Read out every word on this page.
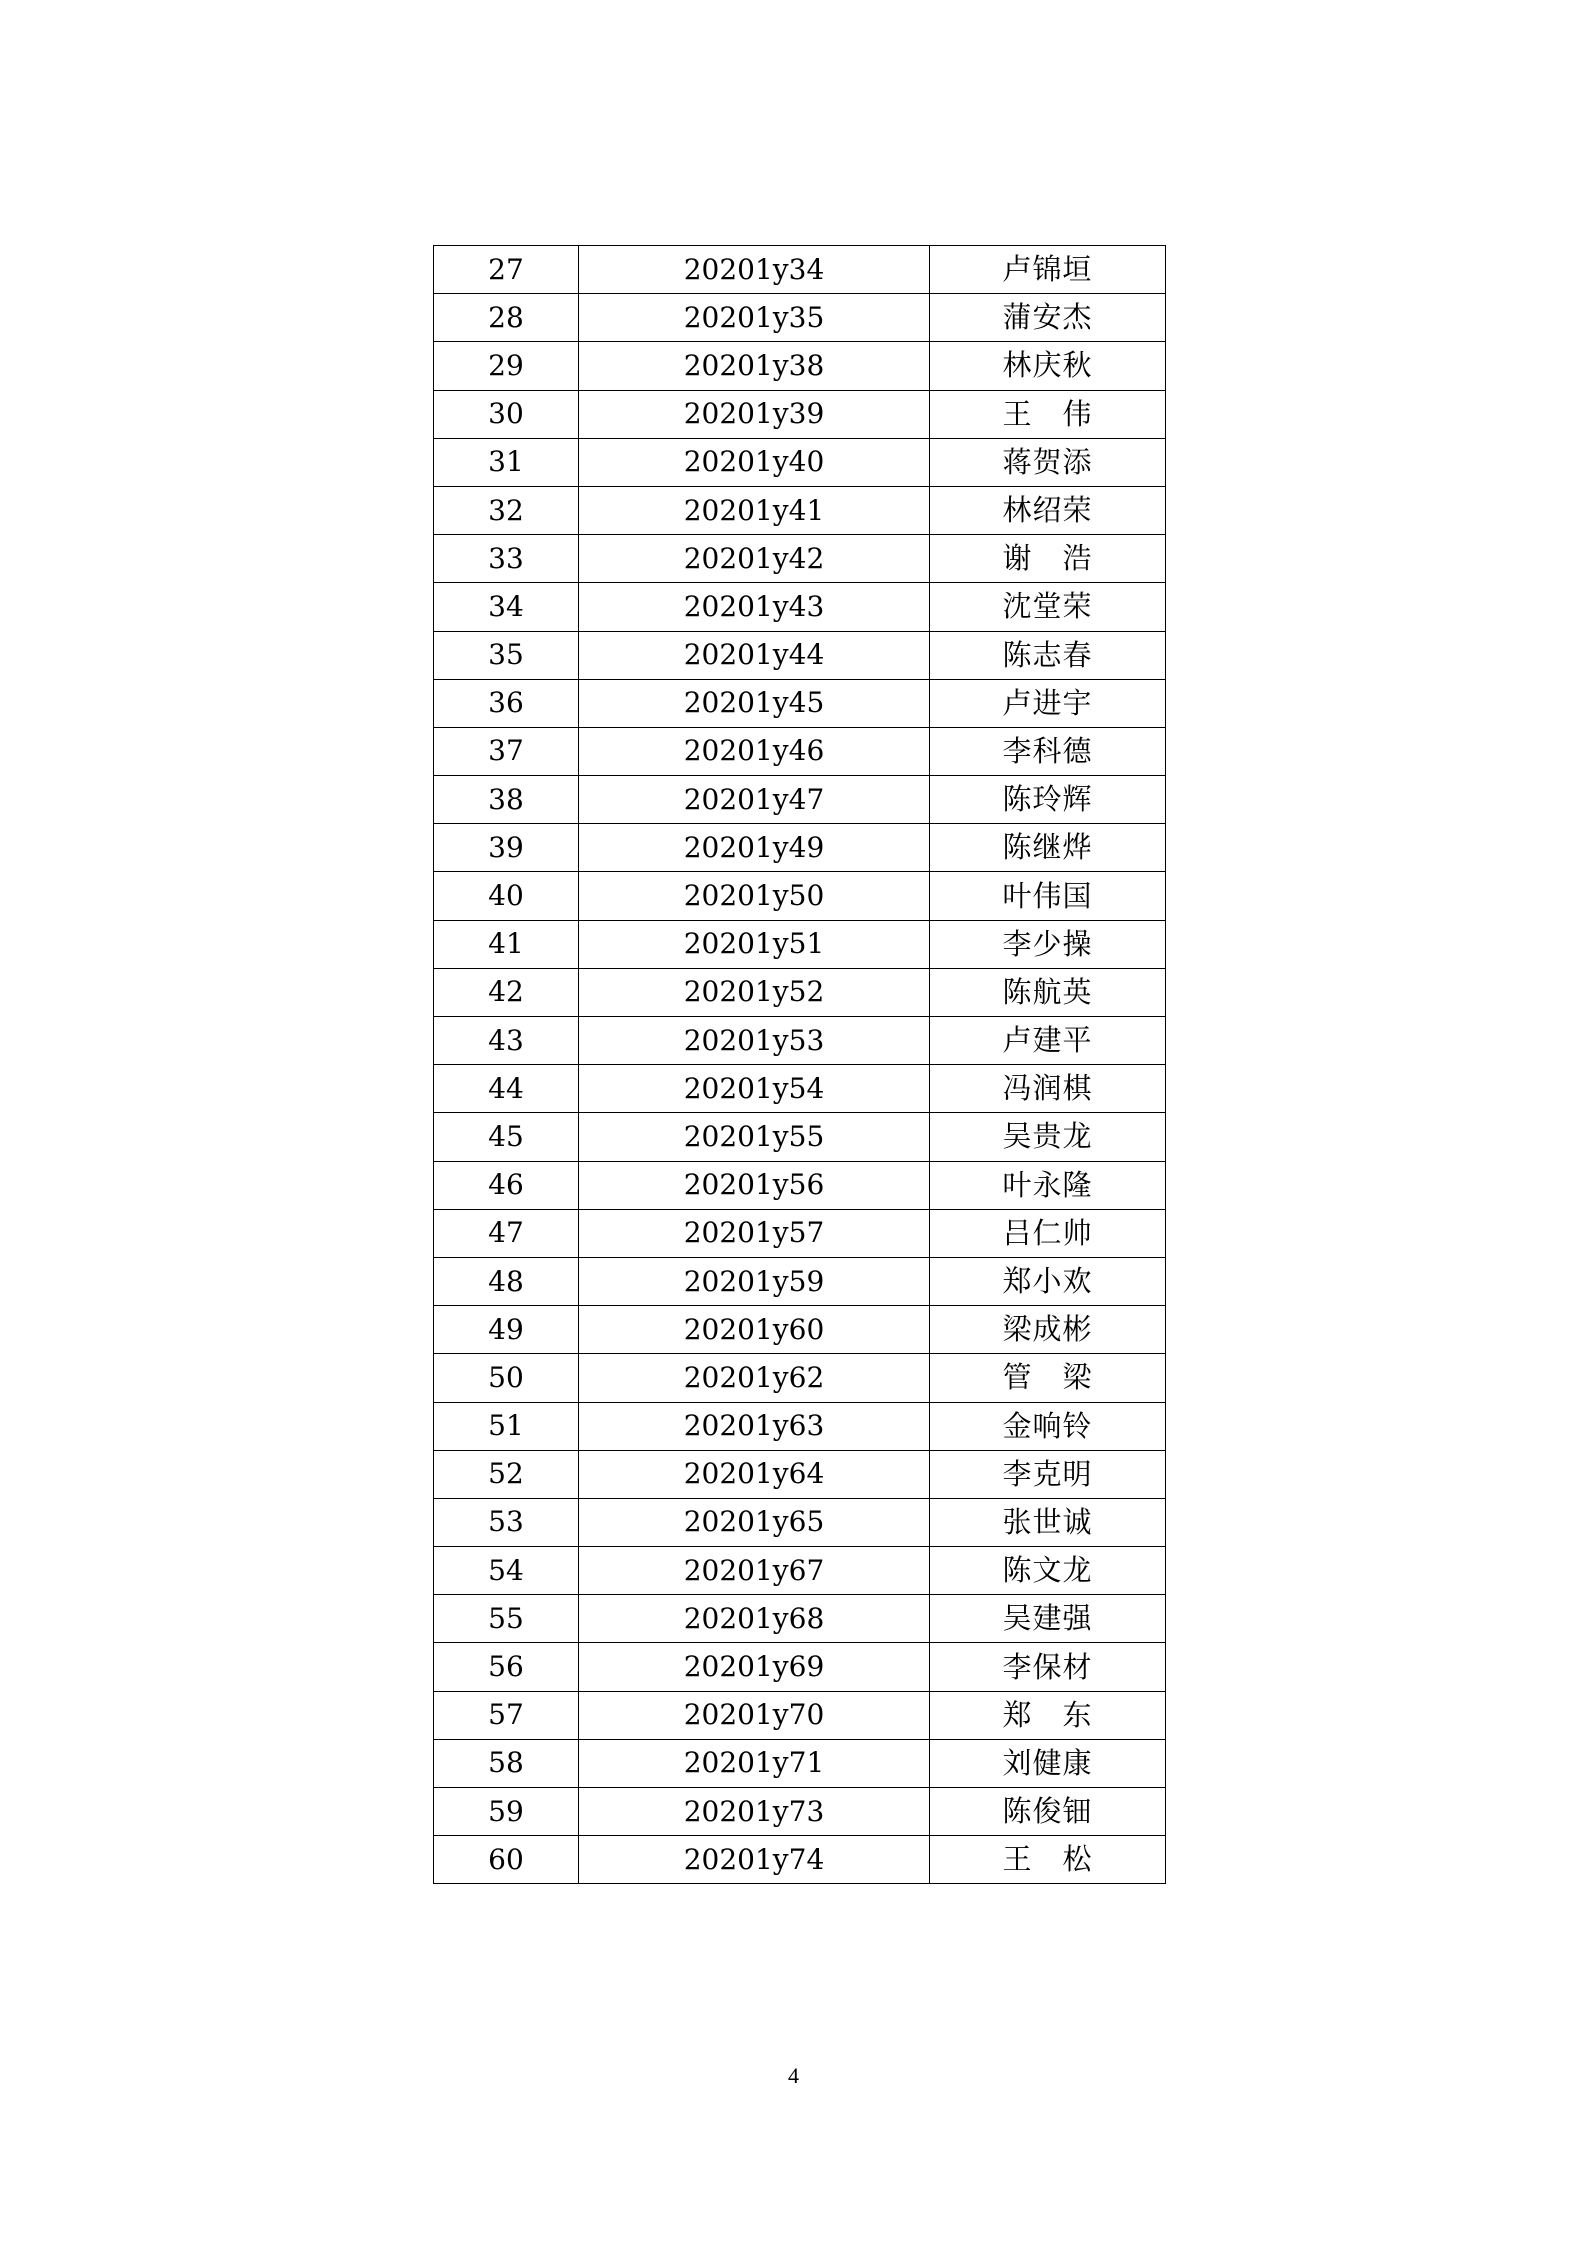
27	20201y34	卢锦垣
28	20201y35	蒲安杰
29	20201y38	林庆秋
30	20201y39	王　伟
31	20201y40	蒋贺添
32	20201y41	林绍荣
33	20201y42	谢　浩
34	20201y43	沈堂荣
35	20201y44	陈志春
36	20201y45	卢进宇
37	20201y46	李科德
38	20201y47	陈玲辉
39	20201y49	陈继烨
40	20201y50	叶伟国
41	20201y51	李少操
42	20201y52	陈航英
43	20201y53	卢建平
44	20201y54	冯润棋
45	20201y55	吴贵龙
46	20201y56	叶永隆
47	20201y57	吕仁帅
48	20201y59	郑小欢
49	20201y60	梁成彬
50	20201y62	管　梁
51	20201y63	金响铃
52	20201y64	李克明
53	20201y65	张世诚
54	20201y67	陈文龙
55	20201y68	吴建强
56	20201y69	李保材
57	20201y70	郑　东
58	20201y71	刘健康
59	20201y73	陈俊钿
60	20201y74	王　松
4
